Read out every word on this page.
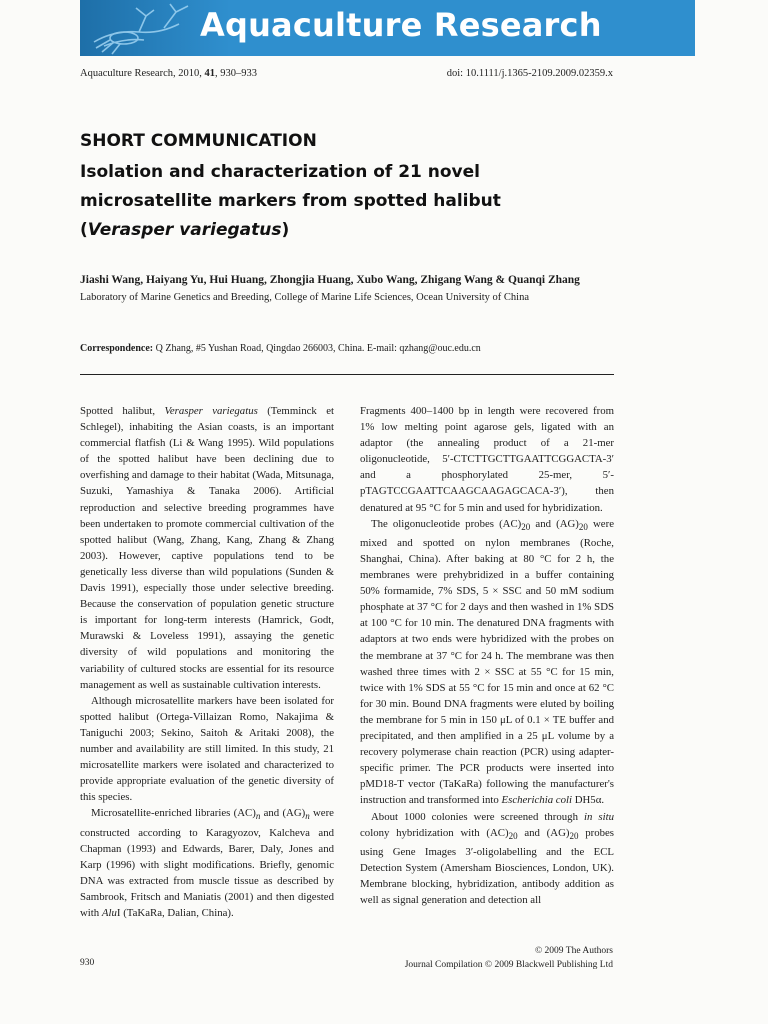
Aquaculture Research
Aquaculture Research, 2010, 41, 930–933	doi: 10.1111/j.1365-2109.2009.02359.x
SHORT COMMUNICATION
Isolation and characterization of 21 novel
microsatellite markers from spotted halibut
(Verasper variegatus)
Jiashi Wang, Haiyang Yu, Hui Huang, Zhongjia Huang, Xubo Wang, Zhigang Wang & Quanqi Zhang
Laboratory of Marine Genetics and Breeding, College of Marine Life Sciences, Ocean University of China
Correspondence: Q Zhang, #5 Yushan Road, Qingdao 266003, China. E-mail: qzhang@ouc.edu.cn

Spotted halibut, Verasper variegatus (Temminck et Schlegel), inhabiting the Asian coasts, is an important commercial flatfish (Li & Wang 1995). Wild populations of the spotted halibut have been declining due to overfishing and damage to their habitat (Wada, Mitsunaga, Suzuki, Yamashiya & Tanaka 2006). Artificial reproduction and selective breeding programmes have been undertaken to promote commercial cultivation of the spotted halibut (Wang, Zhang, Kang, Zhang & Zhang 2003). However, captive populations tend to be genetically less diverse than wild populations (Sunden & Davis 1991), especially those under selective breeding. Because the conservation of population genetic structure is important for long-term interests (Hamrick, Godt, Murawski & Loveless 1991), assaying the genetic diversity of wild populations and monitoring the variability of cultured stocks are essential for its resource management as well as sustainable cultivation interests.

Although microsatellite markers have been isolated for spotted halibut (Ortega-Villaizan Romo, Nakajima & Taniguchi 2003; Sekino, Saitoh & Aritaki 2008), the number and availability are still limited. In this study, 21 microsatellite markers were isolated and characterized to provide appropriate evaluation of the genetic diversity of this species.

Microsatellite-enriched libraries $(AC)_n$ and $(AG)_n$ were constructed according to Karagyozov, Kalcheva and Chapman (1993) and Edwards, Barer, Daly, Jones and Karp (1996) with slight modifications. Briefly, genomic DNA was extracted from muscle tissue as described by Sambrook, Fritsch and Maniatis (2001) and then digested with AluI (TaKaRa, Dalian, China).

Fragments 400–1400 bp in length were recovered from 1% low melting point agarose gels, ligated with an adaptor (the annealing product of a 21-mer oligonucleotide, 5′-CTCTTGCTTGAATTCGGACTA-3′ and a phosphorylated 25-mer, 5′-pTAGTCCGAATTCAAGCAAGAGCACA-3′), then denatured at 95 °C for 5 min and used for hybridization.

The oligonucleotide probes $(AC)_{20}$ and $(AG)_{20}$ were mixed and spotted on nylon membranes (Roche, Shanghai, China). After baking at 80 °C for 2 h, the membranes were prehybridized in a buffer containing 50% formamide, 7% SDS, 5 × SSC and 50 mM sodium phosphate at 37 °C for 2 days and then washed in 1% SDS at 100 °C for 10 min. The denatured DNA fragments with adaptors at two ends were hybridized with the probes on the membrane at 37 °C for 24 h. The membrane was then washed three times with 2 × SSC at 55 °C for 15 min, twice with 1% SDS at 55 °C for 15 min and once at 62 °C for 30 min. Bound DNA fragments were eluted by boiling the membrane for 5 min in 150 μL of 0.1 × TE buffer and precipitated, and then amplified in a 25 μL volume by a recovery polymerase chain reaction (PCR) using adapter-specific primer. The PCR products were inserted into pMD18-T vector (TaKaRa) following the manufacturer's instruction and transformed into Escherichia coli DH5α.

About 1000 colonies were screened through in situ colony hybridization with $(AC)_{20}$ and $(AG)_{20}$ probes using Gene Images 3′-oligolabelling and the ECL Detection System (Amersham Biosciences, London, UK). Membrane blocking, hybridization, antibody addition as well as signal generation and detection all

© 2009 The Authors
Journal Compilation © 2009 Blackwell Publishing Ltd
930
